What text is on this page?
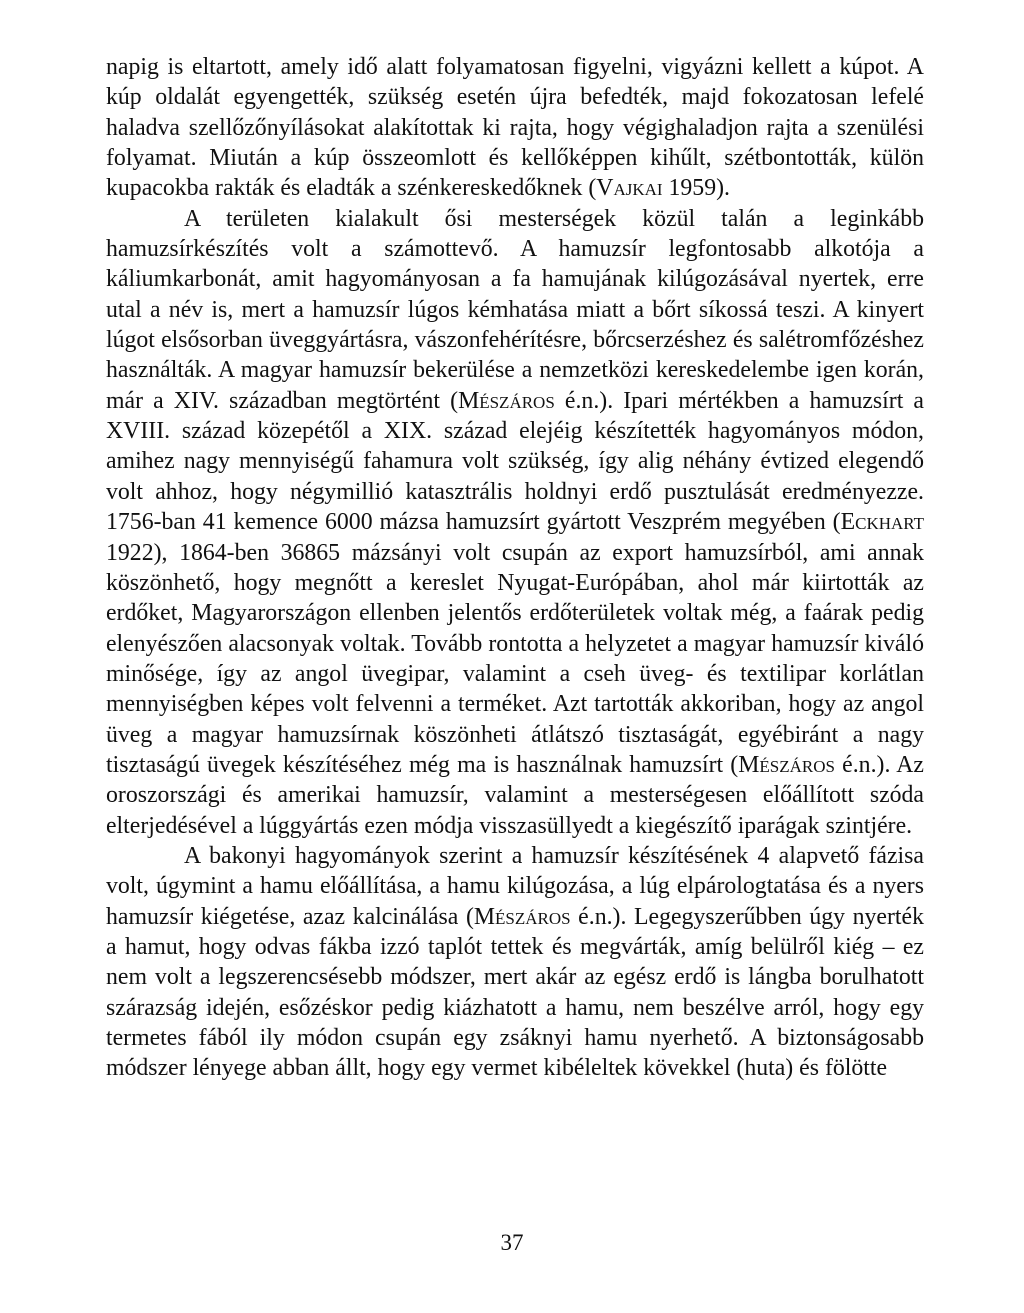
napig is eltartott, amely idő alatt folyamatosan figyelni, vigyázni kellett a kúpot. A kúp oldalát egyengették, szükség esetén újra befedték, majd fokozatosan lefelé haladva szellőzőnyílásokat alakítottak ki rajta, hogy végighaladjon rajta a szenülési folyamat. Miután a kúp összeomlott és kellőképpen kihűlt, szétbontották, külön kupacokba rakták és eladták a szénkereskedőknek (Vajkai 1959).

A területen kialakult ősi mesterségek közül talán a leginkább hamuzsírkészítés volt a számottevő. A hamuzsír legfontosabb alkotója a káliumkarbonát, amit hagyományosan a fa hamujának kilúgozásával nyertek, erre utal a név is, mert a hamuzsír lúgos kémhatása miatt a bőrt síkossá teszi. A kinyert lúgot elsősorban üveggyártásra, vászonfehérítésre, bőrcserzéshez és salétromfőzéshez használták. A magyar hamuzsír bekerülése a nemzetközi kereskedelembe igen korán, már a XIV. században megtörtént (Mészáros é.n.). Ipari mértékben a hamuzsírt a XVIII. század közepétől a XIX. század elejéig készítették hagyományos módon, amihez nagy mennyiségű fahamura volt szükség, így alig néhány évtized elegendő volt ahhoz, hogy négymillió katasztrális holdnyi erdő pusztulását eredményezze. 1756-ban 41 kemence 6000 mázsa hamuzsírt gyártott Veszprém megyében (Eckhart 1922), 1864-ben 36865 mázsányi volt csupán az export hamuzsírból, ami annak köszönhető, hogy megnőtt a kereslet Nyugat-Európában, ahol már kiirtották az erdőket, Magyarországon ellenben jelentős erdőterületek voltak még, a faárak pedig elenyészően alacsonyak voltak. Tovább rontotta a helyzetet a magyar hamuzsír kiváló minősége, így az angol üvegipar, valamint a cseh üveg- és textilipar korlátlan mennyiségben képes volt felvenni a terméket. Azt tartották akkoriban, hogy az angol üveg a magyar hamuzsírnak köszönheti átlátszó tisztaságát, egyébiránt a nagy tisztaságú üvegek készítéséhez még ma is használnak hamuzsírt (Mészáros é.n.). Az oroszországi és amerikai hamuzsír, valamint a mesterségesen előállított szóda elterjedésével a lúggyártás ezen módja visszasüllyedt a kiegészítő iparágak szintjére.

A bakonyi hagyományok szerint a hamuzsír készítésének 4 alapvető fázisa volt, úgymint a hamu előállítása, a hamu kilúgozása, a lúg elpárologtatása és a nyers hamuzsír kiégetése, azaz kalcinálása (Mészáros é.n.). Legegyszerűbben úgy nyerték a hamut, hogy odvas fákba izzó taplót tettek és megvárták, amíg belülről kiég – ez nem volt a legszerencsésebb módszer, mert akár az egész erdő is lángba borulhatott szárazság idején, esőzéskor pedig kiázhatott a hamu, nem beszélve arról, hogy egy termetes fából ily módon csupán egy zsáknyi hamu nyerhető. A biztonságosabb módszer lényege abban állt, hogy egy vermet kibéleltek kövekkel (huta) és fölötte

37
